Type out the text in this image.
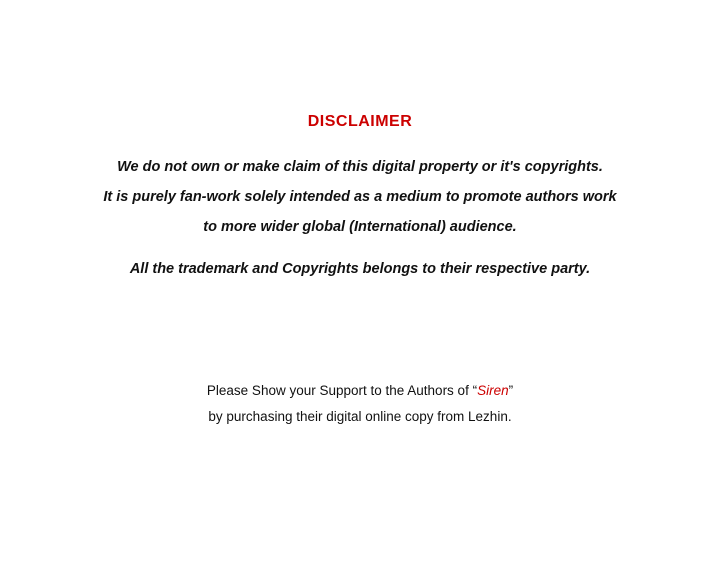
DISCLAIMER
We do not own or make claim of this digital property or it's copyrights.
It is purely fan-work solely intended as a medium to promote authors work
to more wider global (International) audience.
All the trademark and Copyrights belongs to their respective party.
Please Show your Support to the Authors of “Siren”
by purchasing their digital online copy from Lezhin.
